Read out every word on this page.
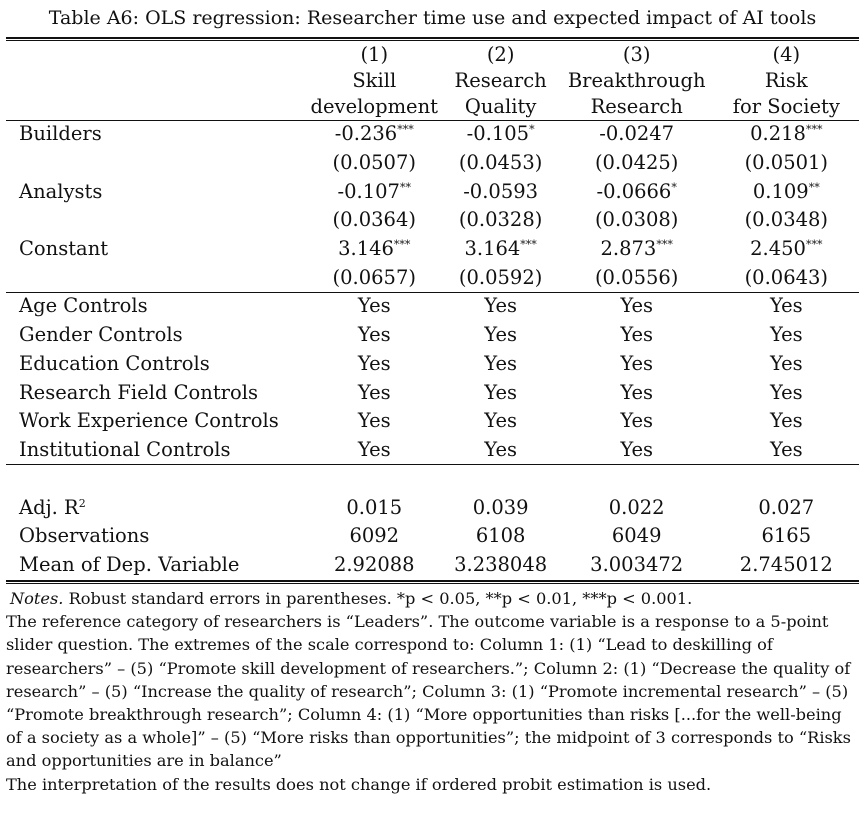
Table A6: OLS regression: Researcher time use and expected impact of AI tools
	(1)	(2)	(3)	(4)
	Skill	Research	Breakthrough	Risk
	development	Quality	Research	for Society
Builders	-0.236***	-0.105*	-0.0247	0.218***
	(0.0507)	(0.0453)	(0.0425)	(0.0501)
Analysts	-0.107**	-0.0593	-0.0666*	0.109**
	(0.0364)	(0.0328)	(0.0308)	(0.0348)
Constant	3.146***	3.164***	2.873***	2.450***
	(0.0657)	(0.0592)	(0.0556)	(0.0643)
Age Controls	Yes	Yes	Yes	Yes
Gender Controls	Yes	Yes	Yes	Yes
Education Controls	Yes	Yes	Yes	Yes
Research Field Controls	Yes	Yes	Yes	Yes
Work Experience Controls	Yes	Yes	Yes	Yes
Institutional Controls	Yes	Yes	Yes	Yes

Adj. $R^2$	0.015	0.039	0.022	0.027
Observations	6092	6108	6049	6165
Mean of Dep. Variable	2.92088	3.238048	3.003472	2.745012
Notes. Robust standard errors in parentheses. *p < 0.05, **p < 0.01, ***p < 0.001.
The reference category of researchers is “Leaders”. The outcome variable is a response to a 5-point slider question. The extremes of the scale correspond to: Column 1: (1) “Lead to deskilling of researchers” – (5) “Promote skill development of researchers.”; Column 2: (1) “Decrease the quality of research” – (5) “Increase the quality of research”; Column 3: (1) “Promote incremental research” – (5) “Promote breakthrough research”; Column 4: (1) “More opportunities than risks [...for the well-being of a society as a whole]” – (5) “More risks than opportunities”; the midpoint of 3 corresponds to “Risks and opportunities are in balance”
The interpretation of the results does not change if ordered probit estimation is used.
